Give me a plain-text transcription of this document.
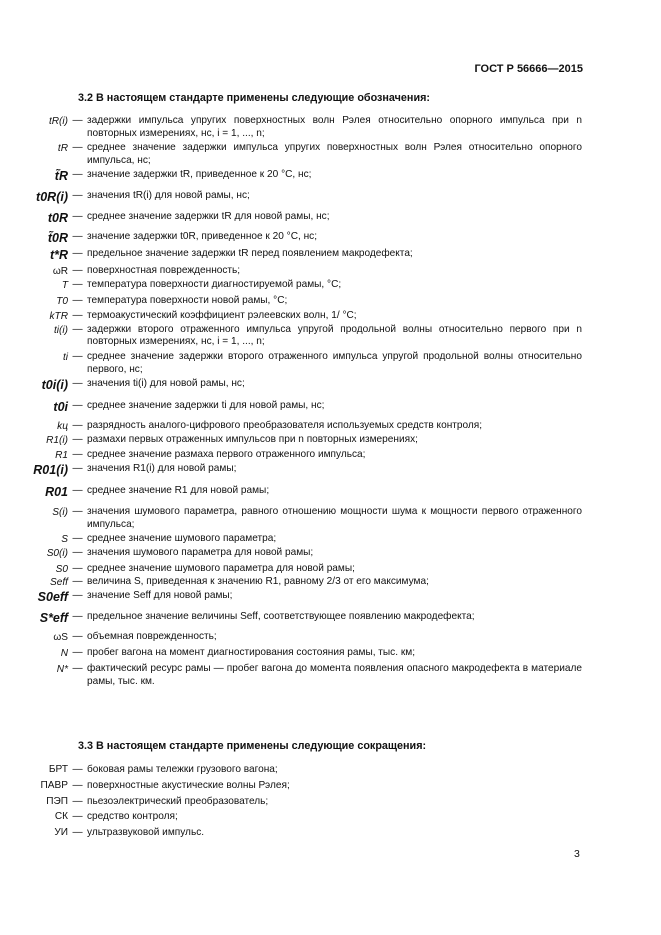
ГОСТ Р 56666—2015
3.2 В настоящем стандарте применены следующие обозначения:
tR(i) — задержки импульса упругих поверхностных волн Рэлея относительно опорного импульса при n повторных измерениях, нс, i = 1, ..., n;
tR — среднее значение задержки импульса упругих поверхностных волн Рэлея относительно опорного импульса, нс;
t̃R — значение задержки tR, приведенное к 20 °C, нс;
t0R(i) — значения tR(i) для новой рамы, нс;
t0R — среднее значение задержки tR для новой рамы, нс;
t̃0R — значение задержки t0R, приведенное к 20 °C, нс;
t*R — предельное значение задержки tR перед появлением макродефекта;
ωR — поверхностная поврежденность;
T — температура поверхности диагностируемой рамы, °C;
T0 — температура поверхности новой рамы, °C;
kTR — термоакустический коэффициент рэлеевских волн, 1/ °C;
ti(i) — задержки второго отраженного импульса упругой продольной волны относительно первого при n повторных измерениях, нс, i = 1, ..., n;
ti — среднее значение задержки второго отраженного импульса упругой продольной волны относительно первого, нс;
t0i(i) — значения ti(i) для новой рамы, нс;
t0i — среднее значение задержки ti для новой рамы, нс;
kц — разрядность аналого-цифрового преобразователя используемых средств контроля;
R1(i) — размахи первых отраженных импульсов при n повторных измерениях;
R1 — среднее значение размаха первого отраженного импульса;
R01(i) — значения R1(i) для новой рамы;
R01 — среднее значение R1 для новой рамы;
S(i) — значения шумового параметра, равного отношению мощности шума к мощности первого отраженного импульса;
S — среднее значение шумового параметра;
S0(i) — значения шумового параметра для новой рамы;
S0 — среднее значение шумового параметра для новой рамы;
Seff — величина S, приведенная к значению R1, равному 2/3 от его максимума;
S0eff — значение Seff для новой рамы;
S*eff — предельное значение величины Seff, соответствующее появлению макродефекта;
ωS — объемная поврежденность;
N — пробег вагона на момент диагностирования состояния рамы, тыс. км;
N* — фактический ресурс рамы — пробег вагона до момента появления опасного макродефекта в материале рамы, тыс. км.
3.3 В настоящем стандарте применены следующие сокращения:
БРТ — боковая рамы тележки грузового вагона;
ПАВР — поверхностные акустические волны Рэлея;
ПЭП — пьезоэлектрический преобразователь;
СК — средство контроля;
УИ — ультразвуковой импульс.
3
